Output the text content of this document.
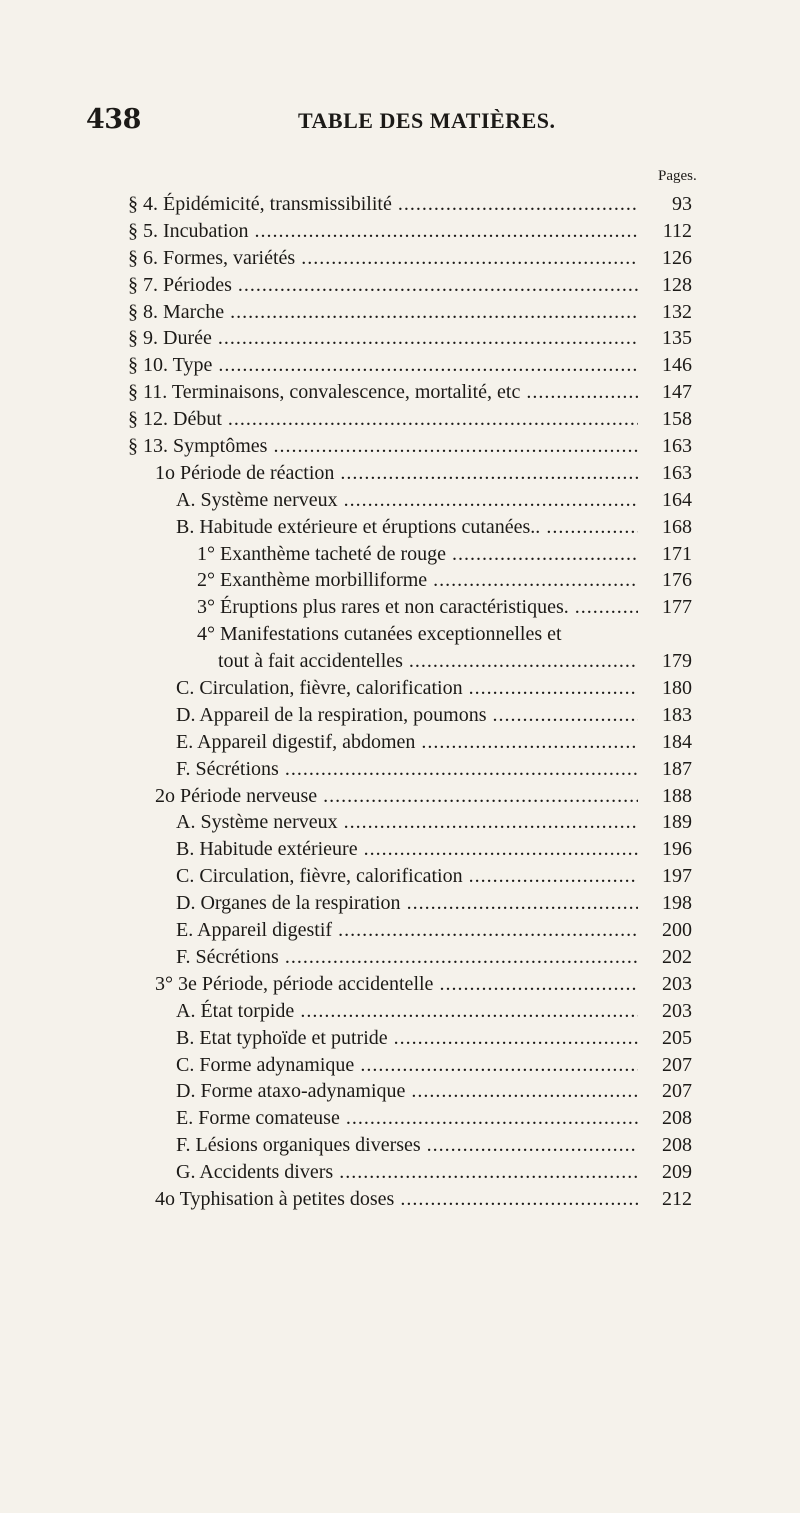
438	TABLE DES MATIÈRES.
Pages.
§ 4. Épidémicité, transmissibilité .....	93
§ 5. Incubation .....	112
§ 6. Formes, variétés .....	126
§ 7. Périodes .....	128
§ 8. Marche .....	132
§ 9. Durée .....	135
§ 10. Type .....	146
§ 11. Terminaisons, convalescence, mortalité, etc .....	147
§ 12. Début .....	158
§ 13. Symptômes .....	163
1o Période de réaction .....	163
A. Système nerveux .....	164
B. Habitude extérieure et éruptions cutanées.. .....	168
1° Exanthème tacheté de rouge .....	171
2° Exanthème morbilliforme .....	176
3° Éruptions plus rares et non caractéristiques. .....	177
4° Manifestations cutanées exceptionnelles et
tout à fait accidentelles .....	179
C. Circulation, fièvre, calorification .....	180
D. Appareil de la respiration, poumons .....	183
E. Appareil digestif, abdomen .....	184
F. Sécrétions .....	187
2o Période nerveuse .....	188
A. Système nerveux .....	189
B. Habitude extérieure .....	196
C. Circulation, fièvre, calorification .....	197
D. Organes de la respiration .....	198
E. Appareil digestif .....	200
F. Sécrétions .....	202
3° 3e Période, période accidentelle .....	203
A. État torpide .....	203
B. Etat typhoïde et putride .....	205
C. Forme adynamique .....	207
D. Forme ataxo-adynamique .....	207
E. Forme comateuse .....	208
F. Lésions organiques diverses .....	208
G. Accidents divers .....	209
4o Typhisation à petites doses .....	212
